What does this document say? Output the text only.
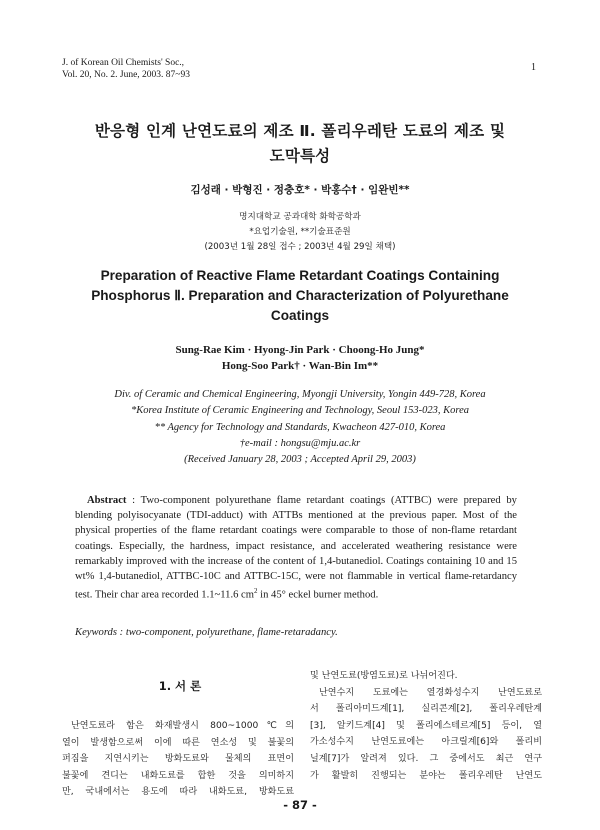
J. of Korean Oil Chemists' Soc.,
Vol. 20, No. 2. June, 2003. 87~93
1
반응형 인계 난연도료의 제조 Ⅱ. 폴리우레탄 도료의 제조 및
도막특성
김성래 · 박형진 · 정충호* · 박홍수† · 임완빈**
명지대학교 공과대학 화학공학과
*요업기술원, **기술표준원
(2003년 1월 28일 접수 ; 2003년 4월 29일 채택)
Preparation of Reactive Flame Retardant Coatings Containing
Phosphorus Ⅱ. Preparation and Characterization of Polyurethane
Coatings
Sung-Rae Kim · Hyong-Jin Park · Choong-Ho Jung*
Hong-Soo Park† · Wan-Bin Im**
Div. of Ceramic and Chemical Engineering, Myongji University, Yongin 449-728, Korea
*Korea Institute of Ceramic Engineering and Technology, Seoul 153-023, Korea
** Agency for Technology and Standards, Kwacheon 427-010, Korea
†e-mail : hongsu@mju.ac.kr
(Received January 28, 2003 ; Accepted April 29, 2003)
Abstract : Two-component polyurethane flame retardant coatings (ATTBC) were prepared by blending polyisocyanate (TDI-adduct) with ATTBs mentioned at the previous paper. Most of the physical properties of the flame retardant coatings were comparable to those of non-flame retardant coatings. Especially, the hardness, impact resistance, and accelerated weathering resistance were remarkably improved with the increase of the content of 1,4-butanediol. Coatings containing 10 and 15 wt% 1,4-butanediol, ATTBC-10C and ATTBC-15C, were not flammable in vertical flame-retardancy test. Their char area recorded 1.1~11.6 $cm^2$ in 45° eckel burner method.
Keywords : two-component, polyurethane, flame-retaradancy.
1. 서 론
난연도료라 함은 화재발생시 800~1000℃의
열이 발생함으로써 이에 따른 연소성 및 불꽃의
퍼짐을 지연시키는 방화도료와 물체의 표면이
불꽃에 견디는 내화도료를 합한 것을 의미하지
만, 국내에서는 용도에 따라 내화도료, 방화도료
및 난연도료(방염도료)로 나뉘어진다.
난연수지 도료에는 열경화성수지 난연도료로
서 폴리아미드계[1], 실리콘계[2], 폴리우레탄계
[3], 알키드계[4] 및 폴리에스테르계[5] 등이, 열
가소성수지 난연도료에는 아크릴계[6]와 폴리비
닐계[7]가 알려져 있다. 그 중에서도 최근 연구
가 활발히 진행되는 분야는 폴리우레탄 난연도
- 87 -
